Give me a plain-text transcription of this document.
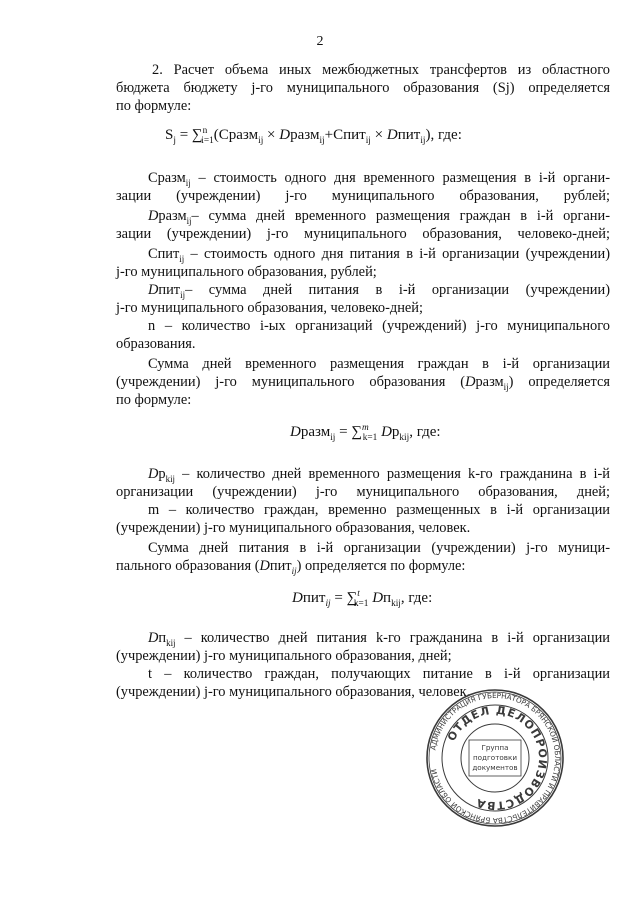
2
2. Расчет объема иных межбюджетных трансфертов из областного
бюджета бюджету j-го муниципального образования (Sj) определяется
по формуле:
$S_j$ = ∑$^n_{i=1}$(Cразм$_{ij}$ × Dразм$_{ij}$+Cпит$_{ij}$ × Dпит$_{ij}$), где:
Cразм$_{ij}$ – стоимость одного дня временного размещения в i-й органи-
зации (учреждении) j-го муниципального образования, рублей;
Dразм$_{ij}$– сумма дней временного размещения граждан в i-й органи-
зации (учреждении) j-го муниципального образования, человеко-дней;
Cпит$_{ij}$ – стоимость одного дня питания в i-й организации (учреждении)
j-го муниципального образования, рублей;
Dпит$_{ij}$– сумма дней питания в i-й организации (учреждении)
j-го муниципального образования, человеко-дней;
n – количество i-ых организаций (учреждений) j-го муниципального
образования.
Сумма дней временного размещения граждан в i-й организации
(учреждении) j-го муниципального образования (Dразм$_{ij}$) определяется
по формуле:
Dразм$_{ij}$ = ∑$^m_{k=1}$ $Dp_{kij}$, где:
$Dp_{kij}$ – количество дней временного размещения k-го гражданина в i-й
организации (учреждении) j-го муниципального образования, дней;
m – количество граждан, временно размещенных в i-й организации
(учреждении) j-го муниципального образования, человек.
Сумма дней питания в i-й организации (учреждении) j-го муници-
пального образования (Dпит$_{ij}$) определяется по формуле:
Dпит$_{ij}$ = ∑$^t_{k=1}$ $Dп_{kij}$, где:
$Dп_{kij}$ – количество дней питания k-го гражданина в i-й организации
(учреждении) j-го муниципального образования, дней;
t – количество граждан, получающих питание в i-й организации
(учреждении) j-го муниципального образования, человек.
АДМИНИСТРАЦИЯ ГУБЕРНАТОРА БРЯНСКОЙ ОБЛАСТИ И ПРАВИТЕЛЬСТВА БРЯНСКОЙ ОБЛАСТИ
ОТДЕЛ ДЕЛОПРОИЗВОДСТВА
Группа
подготовки
документов
